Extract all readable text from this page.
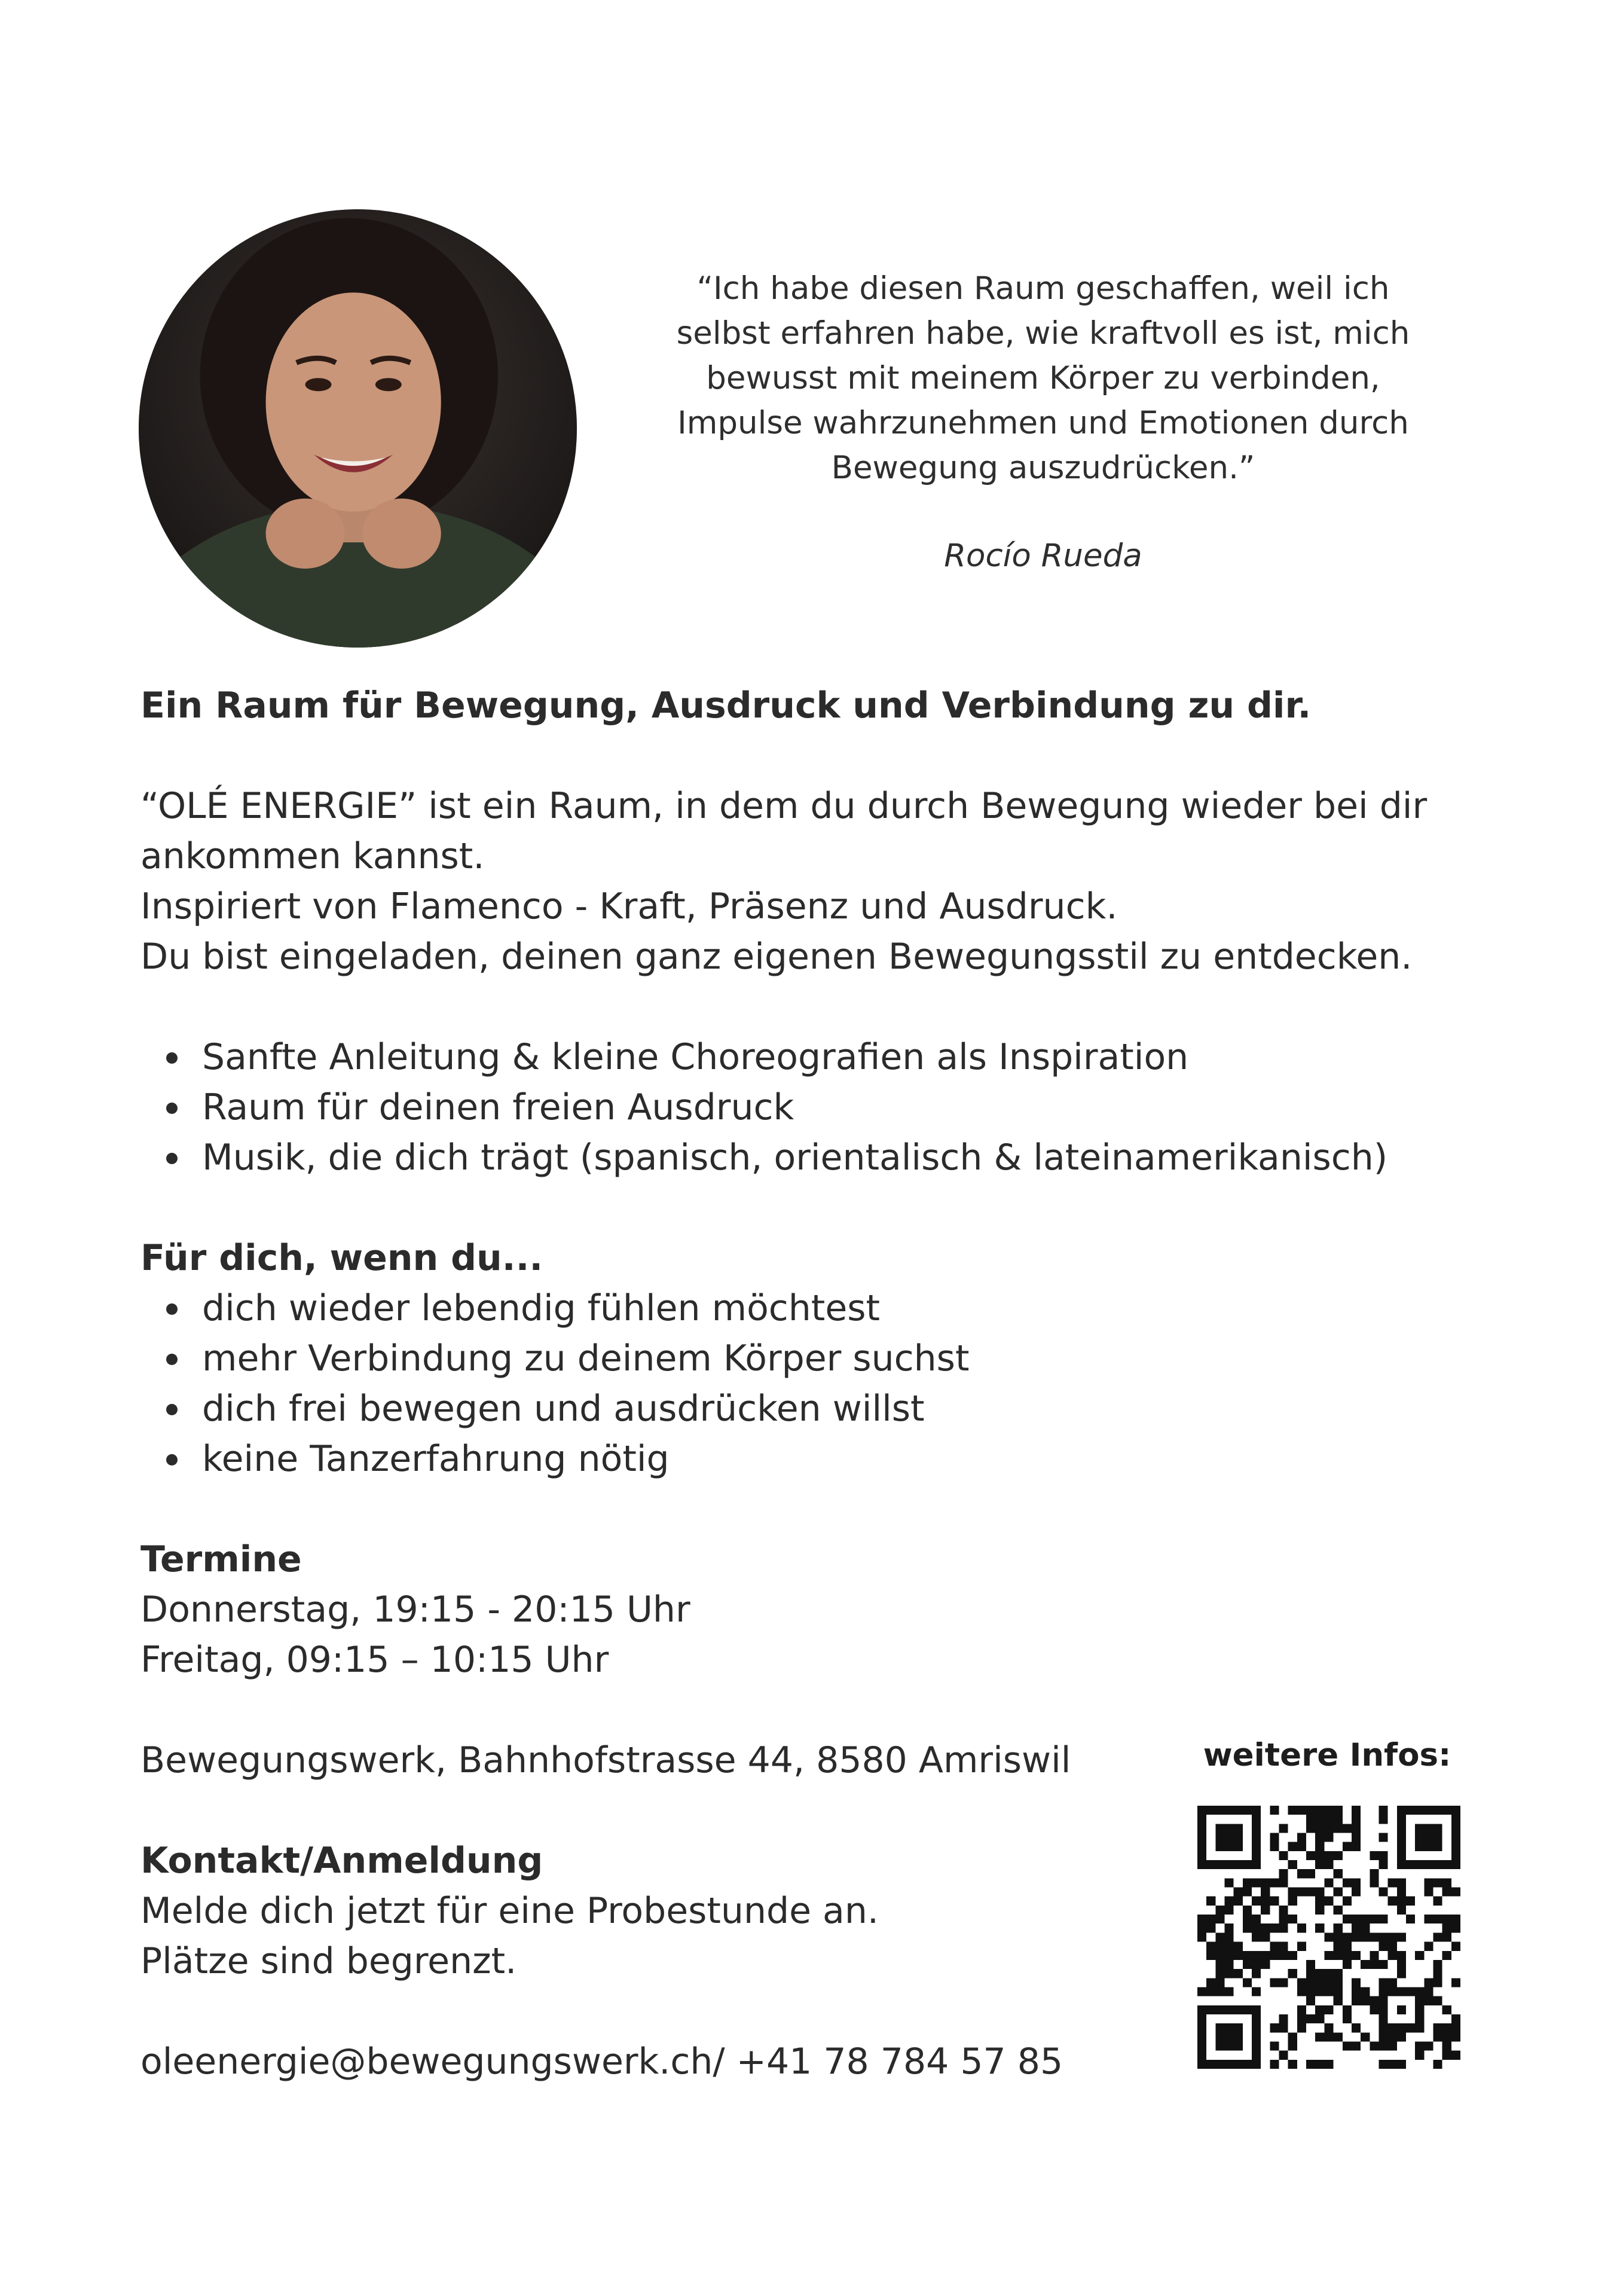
“Ich habe diesen Raum geschaffen, weil ich

selbst erfahren habe, wie kraftvoll es ist, mich

bewusst mit meinem Körper zu verbinden,

Impulse wahrzunehmen und Emotionen durch

Bewegung auszudrücken.”

Rocío Rueda

Ein Raum für Bewegung, Ausdruck und Verbindung zu dir.

“OLÉ ENERGIE” ist ein Raum, in dem du durch Bewegung wieder bei dir

ankommen kannst.

Inspiriert von Flamenco - Kraft, Präsenz und Ausdruck.

Du bist eingeladen, deinen ganz eigenen Bewegungsstil zu entdecken.

Sanfte Anleitung & kleine Choreografien als Inspiration
Raum für deinen freien Ausdruck
Musik, die dich trägt (spanisch, orientalisch & lateinamerikanisch)

Für dich, wenn du...

dich wieder lebendig fühlen möchtest
mehr Verbindung zu deinem Körper suchst
dich frei bewegen und ausdrücken willst
keine Tanzerfahrung nötig

Termine

Donnerstag, 19:15 - 20:15 Uhr

Freitag, 09:15 – 10:15 Uhr

Bewegungswerk, Bahnhofstrasse 44, 8580 Amriswil

Kontakt/Anmeldung

Melde dich jetzt für eine Probestunde an.

Plätze sind begrenzt.

oleenergie@bewegungswerk.ch/ +41 78 784 57 85

weitere Infos:
